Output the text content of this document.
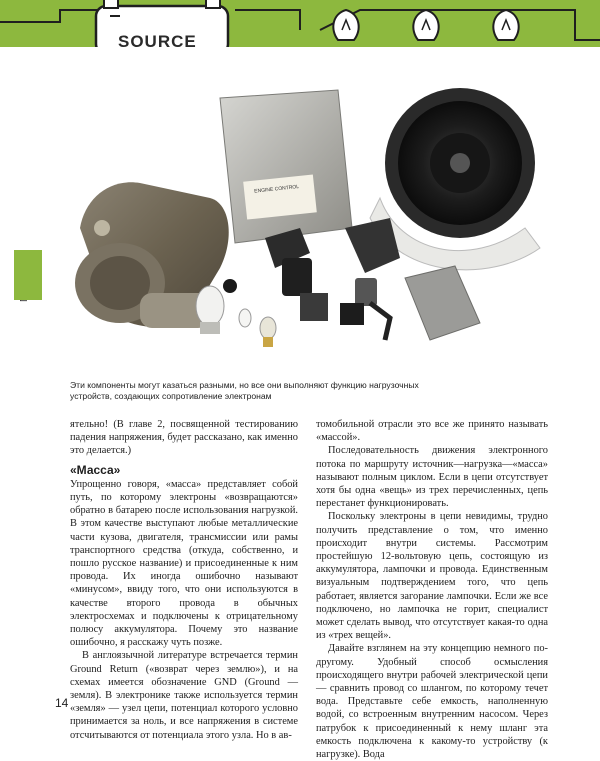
SOURCE
ENGINE CONTROL
Эти компоненты могут казаться разными, но все они выполняют функцию нагрузочных устройств, создающих сопротивление электронам

ятельно! (В главе 2, посвященной тестированию падения напряжения, будет рассказано, как именно это делается.)

«Масса»

Упрощенно говоря, «масса» представляет собой путь, по которому электроны «возвращаются» обратно в батарею после использования нагрузкой. В этом качестве выступают любые металлические части кузова, двигателя, трансмиссии или рамы транспортного средства (откуда, собственно, и пошло русское название) и присоединенные к ним провода. Их иногда ошибочно называют «минусом», ввиду того, что они используются в качестве второго провода в обычных электросхемах и подключены к отрицательному полюсу аккумулятора. Почему это название ошибочно, я расскажу чуть позже.

В англоязычной литературе встречается термин Ground Return («возврат через землю»), и на схемах имеется обозначение GND (Ground — земля). В электронике также используется термин «земля» — узел цепи, потенциал которого условно принимается за ноль, и все напряжения в системе отсчитываются от потенциала этого узла. Но в ав-

томобильной отрасли это все же принято называть «массой».

Последовательность движения электронного потока по маршруту источник—нагрузка—«масса» называют полным циклом. Если в цепи отсутствует хотя бы одна «вещь» из трех перечисленных, цепь перестанет функционировать.

Поскольку электроны в цепи невидимы, трудно получить представление о том, что именно происходит внутри системы. Рассмотрим простейшую 12-вольтовую цепь, состоящую из аккумулятора, лампочки и провода. Единственным визуальным подтверждением того, что цепь работает, является загорание лампочки. Если же все подключено, но лампочка не горит, специалист может сделать вывод, что отсутствует какая-то одна из «трех вещей».

Давайте взглянем на эту концепцию немного по-другому. Удобный способ осмысления происходящего внутри рабочей электрической цепи — сравнить провод со шлангом, по которому течет вода. Представьте себе емкость, наполненную водой, со встроенным внутренним насосом. Через патрубок к присоединенный к нему шланг эта емкость подключена к какому-то устройству (к нагрузке). Вода

14
